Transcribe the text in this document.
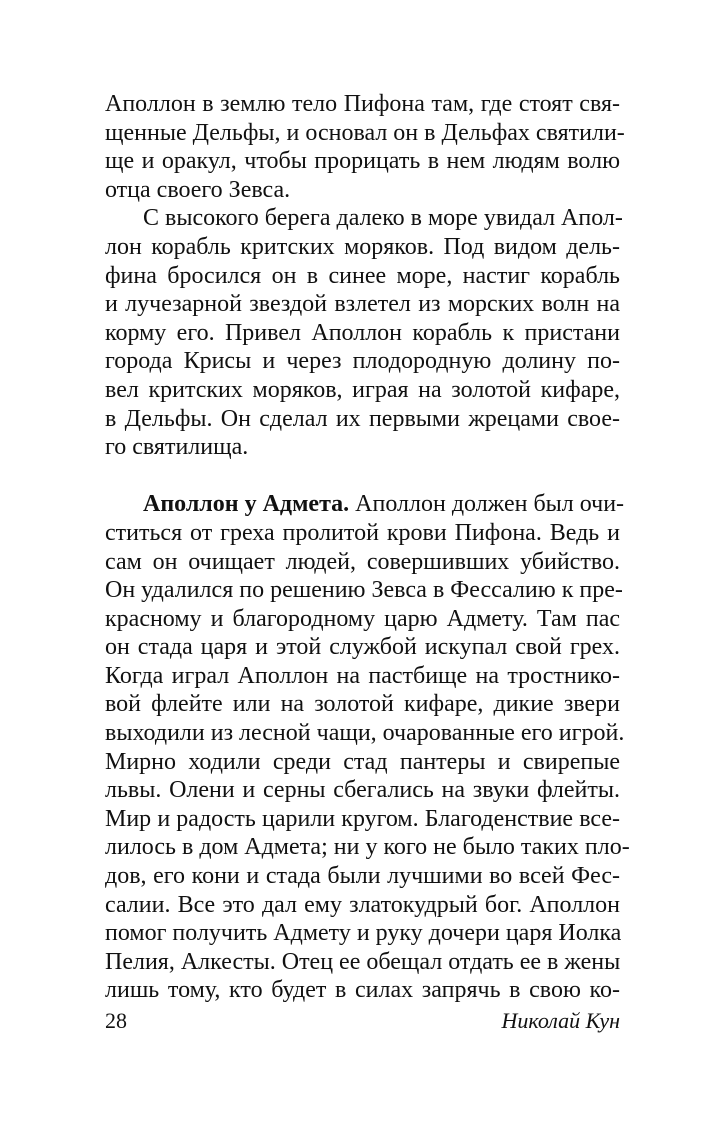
Аполлон в землю тело Пифона там, где стоят свя-
щенные Дельфы, и основал он в Дельфах святили-
ще и оракул, чтобы прорицать в нем людям волю
отца своего Зевса.
С высокого берега далеко в море увидал Апол-
лон корабль критских моряков. Под видом дель-
фина бросился он в синее море, настиг корабль
и лучезарной звездой взлетел из морских волн на
корму его. Привел Аполлон корабль к пристани
города Крисы и через плодородную долину по-
вел критских моряков, играя на золотой кифаре,
в Дельфы. Он сделал их первыми жрецами свое-
го святилища.
Аполлон у Адмета. Аполлон должен был очи-
ститься от греха пролитой крови Пифона. Ведь и
сам он очищает людей, совершивших убийство.
Он удалился по решению Зевса в Фессалию к пре-
красному и благородному царю Адмету. Там пас
он стада царя и этой службой искупал свой грех.
Когда играл Аполлон на пастбище на тростнико-
вой флейте или на золотой кифаре, дикие звери
выходили из лесной чащи, очарованные его игрой.
Мирно ходили среди стад пантеры и свирепые
львы. Олени и серны сбегались на звуки флейты.
Мир и радость царили кругом. Благоденствие все-
лилось в дом Адмета; ни у кого не было таких пло-
дов, его кони и стада были лучшими во всей Фес-
салии. Все это дал ему златокудрый бог. Аполлон
помог получить Адмету и руку дочери царя Иолка
Пелия, Алкесты. Отец ее обещал отдать ее в жены
лишь тому, кто будет в силах запрячь в свою ко-
28	Николай Кун
